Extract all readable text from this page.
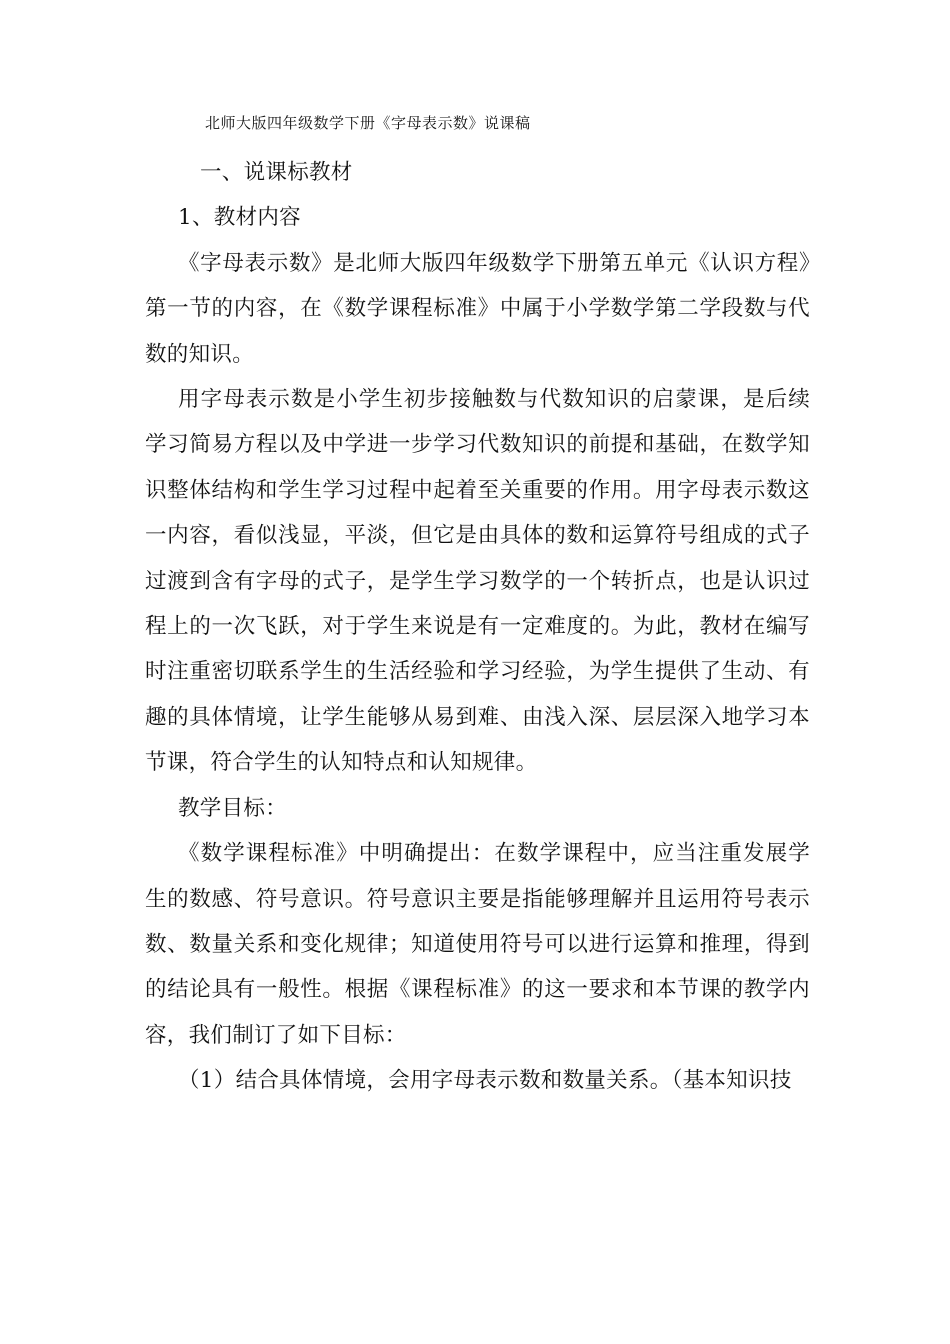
北师大版四年级数学下册《字母表示数》说课稿

一、说课标教材

1、教材内容

《字母表示数》是北师大版四年级数学下册第五单元《认识方程》第一节的内容，在《数学课程标准》中属于小学数学第二学段数与代数的知识。

用字母表示数是小学生初步接触数与代数知识的启蒙课，是后续学习简易方程以及中学进一步学习代数知识的前提和基础，在数学知识整体结构和学生学习过程中起着至关重要的作用。用字母表示数这一内容，看似浅显，平淡，但它是由具体的数和运算符号组成的式子过渡到含有字母的式子，是学生学习数学的一个转折点，也是认识过程上的一次飞跃，对于学生来说是有一定难度的。为此，教材在编写时注重密切联系学生的生活经验和学习经验，为学生提供了生动、有趣的具体情境，让学生能够从易到难、由浅入深、层层深入地学习本节课，符合学生的认知特点和认知规律。

教学目标：

《数学课程标准》中明确提出：在数学课程中，应当注重发展学生的数感、符号意识。符号意识主要是指能够理解并且运用符号表示数、数量关系和变化规律；知道使用符号可以进行运算和推理，得到的结论具有一般性。根据《课程标准》的这一要求和本节课的教学内容，我们制订了如下目标：

（1）结合具体情境，会用字母表示数和数量关系。（基本知识技
